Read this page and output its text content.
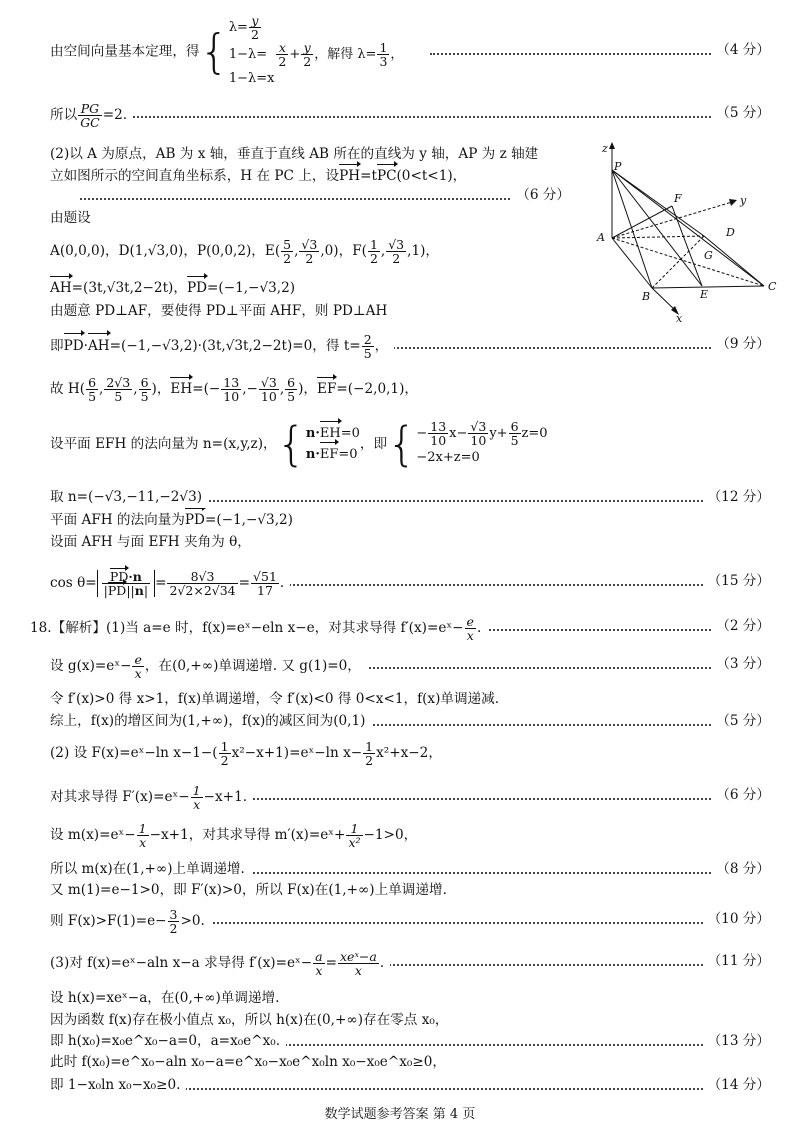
由空间向量基本定理，得{ $\lambda= \frac{y}{2}$
$1-\lambda= \frac{x}{2} + \frac{y}{2}$ ，解得 $\lambda= \frac{1}{3}$ ，
1−λ=x
（4 分）
所以 $\frac{PG}{GC} =2$.	（5 分）
(2)以 A 为原点，AB 为 x 轴，垂直于直线 AB 所在的直线为 y 轴，AP 为 z 轴建
立如图所示的空间直角坐标系，H 在 PC 上，设PH=tPC(0<t<1)，
（6 分）
由题设
A(0,0,0)，D(1,√3,0)，P(0,0,2)，$E( \frac{5}{2}$ , $\frac{√3}{2} ,0$)，$F( \frac{1}{2}$ , $\frac{√3}{2} ,1$)，
AH=(3t,√3t,2−2t)，PD=(−1,−√3,2)
由题意 PD⊥AF，要使得 PD⊥平面 AHF，则 PD⊥AH
即PD·AH=(−1,−√3,2)·(3t,√3t,2−2t)=0，得 $t= \frac{2}{5}$ ，	（9 分）
故 $H( \frac{6}{5}$ , $\frac{2√3}{5}$ , $\frac{6}{5}$ )，$EH=(- \frac{13}{10}$ ,− $\frac{√3}{10}$ , $\frac{6}{5}$ )，EF=(−2,0,1)，
设平面 EFH 的法向量为 n=(x,y,z)，{ n·EH=0
n·EF=0
，即{ − $\frac{13}{10} x- \frac{√3}{10} y+ \frac{6}{5} z=0$
−2x+z=0
取 n=(−√3,−11,−2√3)	（12 分）
平面 AFH 的法向量为PD=(−1,−√3,2)
设面 AFH 与面 EFH 夹角为 θ，
$\cos \theta= \frac{PD\cdot n}{|PD||n|} = \frac{8√3}{2√2\times 2√34} = \frac{√51}{17}$ .	（15 分）
18.【解析】(1)当 a=e 时，f(x)=eˣ−eln x−e，对其求导得 f′(x)=eˣ− $\frac{e}{x}$ .	（2 分）
设 g(x)=eˣ− $\frac{e}{x}$ ，在(0,+∞)单调递增. 又 g(1)=0，	（3 分）
令 f′(x)>0 得 x>1，f(x)单调递增，令 f′(x)<0 得 0<x<1，f(x)单调递减.
综上，f(x)的增区间为(1,+∞)，f(x)的减区间为(0,1)	（5 分）
(2) 设 F(x)=eˣ−ln $x-1-( \frac{1}{2}$ x²−x+1)=eˣ−ln $x- \frac{1}{2} x^2+x-2$，
对其求导得 F′(x)=eˣ− $\frac{1}{x} -x+1$.	（6 分）
设 m(x)=eˣ− $\frac{1}{x} -x+1$，对其求导得 m′(x)=eˣ+ $\frac{1}{\text{x²}} -1>0$，
所以 m(x)在(1,+∞)上单调递增.	（8 分）
又 m(1)=e−1>0，即 F′(x)>0，所以 F(x)在(1,+∞)上单调递增.
则 $F(x)>F(1)=e- \frac{3}{2} >0$.	（10 分）
(3)对 f(x)=eˣ−aln x−a 求导得 f′(x)=eˣ− $\frac{a}{x} = \frac{\text{xeˣ−a}}{x}$ .	（11 分）
设 h(x)=xeˣ−a，在(0,+∞)单调递增.
因为函数 f(x)存在极小值点 x₀，所以 h(x)在(0,+∞)存在零点 x₀，
即 h(x₀)=x₀e^x₀−a=0，a=x₀e^x₀.	（13 分）
此时 f(x₀)=e^x₀−aln x₀−a=e^x₀−x₀e^x₀ln x₀−x₀e^x₀≥0，
即 1−x₀ln x₀−x₀≥0.	（14 分）
数学试题参考答案 第 4 页
z
P
F	y
A	D
G
B	E
C
x
